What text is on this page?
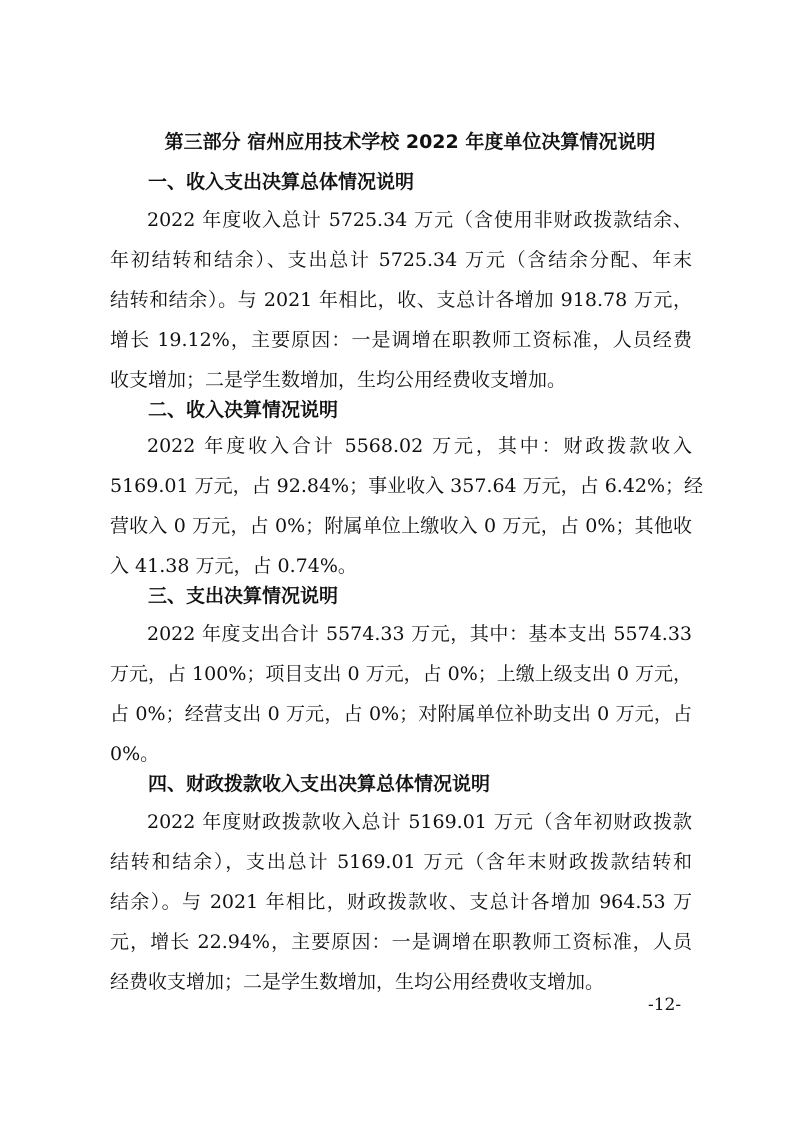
第三部分 宿州应用技术学校 2022 年度单位决算情况说明
一、收入支出决算总体情况说明
2022 年度收入总计 5725.34 万元（含使用非财政拨款结余、
年初结转和结余）、支出总计 5725.34 万元（含结余分配、年末
结转和结余）。与 2021 年相比，收、支总计各增加 918.78 万元，
增长 19.12%，主要原因：一是调增在职教师工资标准，人员经费
收支增加；二是学生数增加，生均公用经费收支增加。
二、收入决算情况说明
2022 年度收入合计 5568.02 万元，其中：财政拨款收入
5169.01 万元，占 92.84%；事业收入 357.64 万元，占 6.42%；经
营收入 0 万元，占 0%；附属单位上缴收入 0 万元，占 0%；其他收
入 41.38 万元，占 0.74%。
三、支出决算情况说明
2022 年度支出合计 5574.33 万元，其中：基本支出 5574.33
万元，占 100%；项目支出 0 万元，占 0%；上缴上级支出 0 万元，
占 0%；经营支出 0 万元，占 0%；对附属单位补助支出 0 万元，占
0%。
四、财政拨款收入支出决算总体情况说明
2022 年度财政拨款收入总计 5169.01 万元（含年初财政拨款
结转和结余），支出总计 5169.01 万元（含年末财政拨款结转和
结余）。与 2021 年相比，财政拨款收、支总计各增加 964.53 万
元，增长 22.94%，主要原因：一是调增在职教师工资标准，人员
经费收支增加；二是学生数增加，生均公用经费收支增加。
-12-
